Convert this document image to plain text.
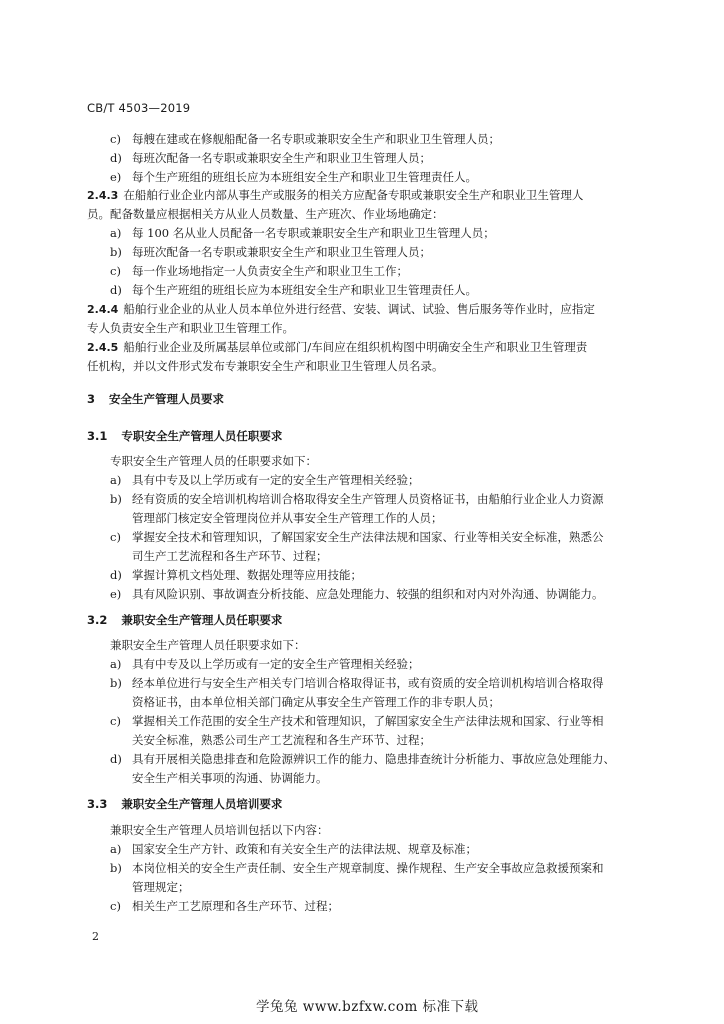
CB/T 4503—2019
c) 每艘在建或在修舰船配备一名专职或兼职安全生产和职业卫生管理人员；
d) 每班次配备一名专职或兼职安全生产和职业卫生管理人员；
e) 每个生产班组的班组长应为本班组安全生产和职业卫生管理责任人。
2.4.3 在船舶行业企业内部从事生产或服务的相关方应配备专职或兼职安全生产和职业卫生管理人
员。配备数量应根据相关方从业人员数量、生产班次、作业场地确定：
a) 每 100 名从业人员配备一名专职或兼职安全生产和职业卫生管理人员；
b) 每班次配备一名专职或兼职安全生产和职业卫生管理人员；
c) 每一作业场地指定一人负责安全生产和职业卫生工作；
d) 每个生产班组的班组长应为本班组安全生产和职业卫生管理责任人。
2.4.4 船舶行业企业的从业人员本单位外进行经营、安装、调试、试验、售后服务等作业时，应指定
专人负责安全生产和职业卫生管理工作。
2.4.5 船舶行业企业及所属基层单位或部门/车间应在组织机构图中明确安全生产和职业卫生管理责
任机构，并以文件形式发布专兼职安全生产和职业卫生管理人员名录。
3 安全生产管理人员要求
3.1 专职安全生产管理人员任职要求
专职安全生产管理人员的任职要求如下：
a) 具有中专及以上学历或有一定的安全生产管理相关经验；
b) 经有资质的安全培训机构培训合格取得安全生产管理人员资格证书，由船舶行业企业人力资源
管理部门核定安全管理岗位并从事安全生产管理工作的人员；
c) 掌握安全技术和管理知识，了解国家安全生产法律法规和国家、行业等相关安全标准，熟悉公
司生产工艺流程和各生产环节、过程；
d) 掌握计算机文档处理、数据处理等应用技能；
e) 具有风险识别、事故调查分析技能、应急处理能力、较强的组织和对内对外沟通、协调能力。
3.2 兼职安全生产管理人员任职要求
兼职安全生产管理人员任职要求如下：
a) 具有中专及以上学历或有一定的安全生产管理相关经验；
b) 经本单位进行与安全生产相关专门培训合格取得证书，或有资质的安全培训机构培训合格取得
资格证书，由本单位相关部门确定从事安全生产管理工作的非专职人员；
c) 掌握相关工作范围的安全生产技术和管理知识，了解国家安全生产法律法规和国家、行业等相
关安全标准，熟悉公司生产工艺流程和各生产环节、过程；
d) 具有开展相关隐患排查和危险源辨识工作的能力、隐患排查统计分析能力、事故应急处理能力、
安全生产相关事项的沟通、协调能力。
3.3 兼职安全生产管理人员培训要求
兼职安全生产管理人员培训包括以下内容：
a) 国家安全生产方针、政策和有关安全生产的法律法规、规章及标准；
b) 本岗位相关的安全生产责任制、安全生产规章制度、操作规程、生产安全事故应急救援预案和
管理规定；
c) 相关生产工艺原理和各生产环节、过程；
2
学兔兔 www.bzfxw.com 标准下载
